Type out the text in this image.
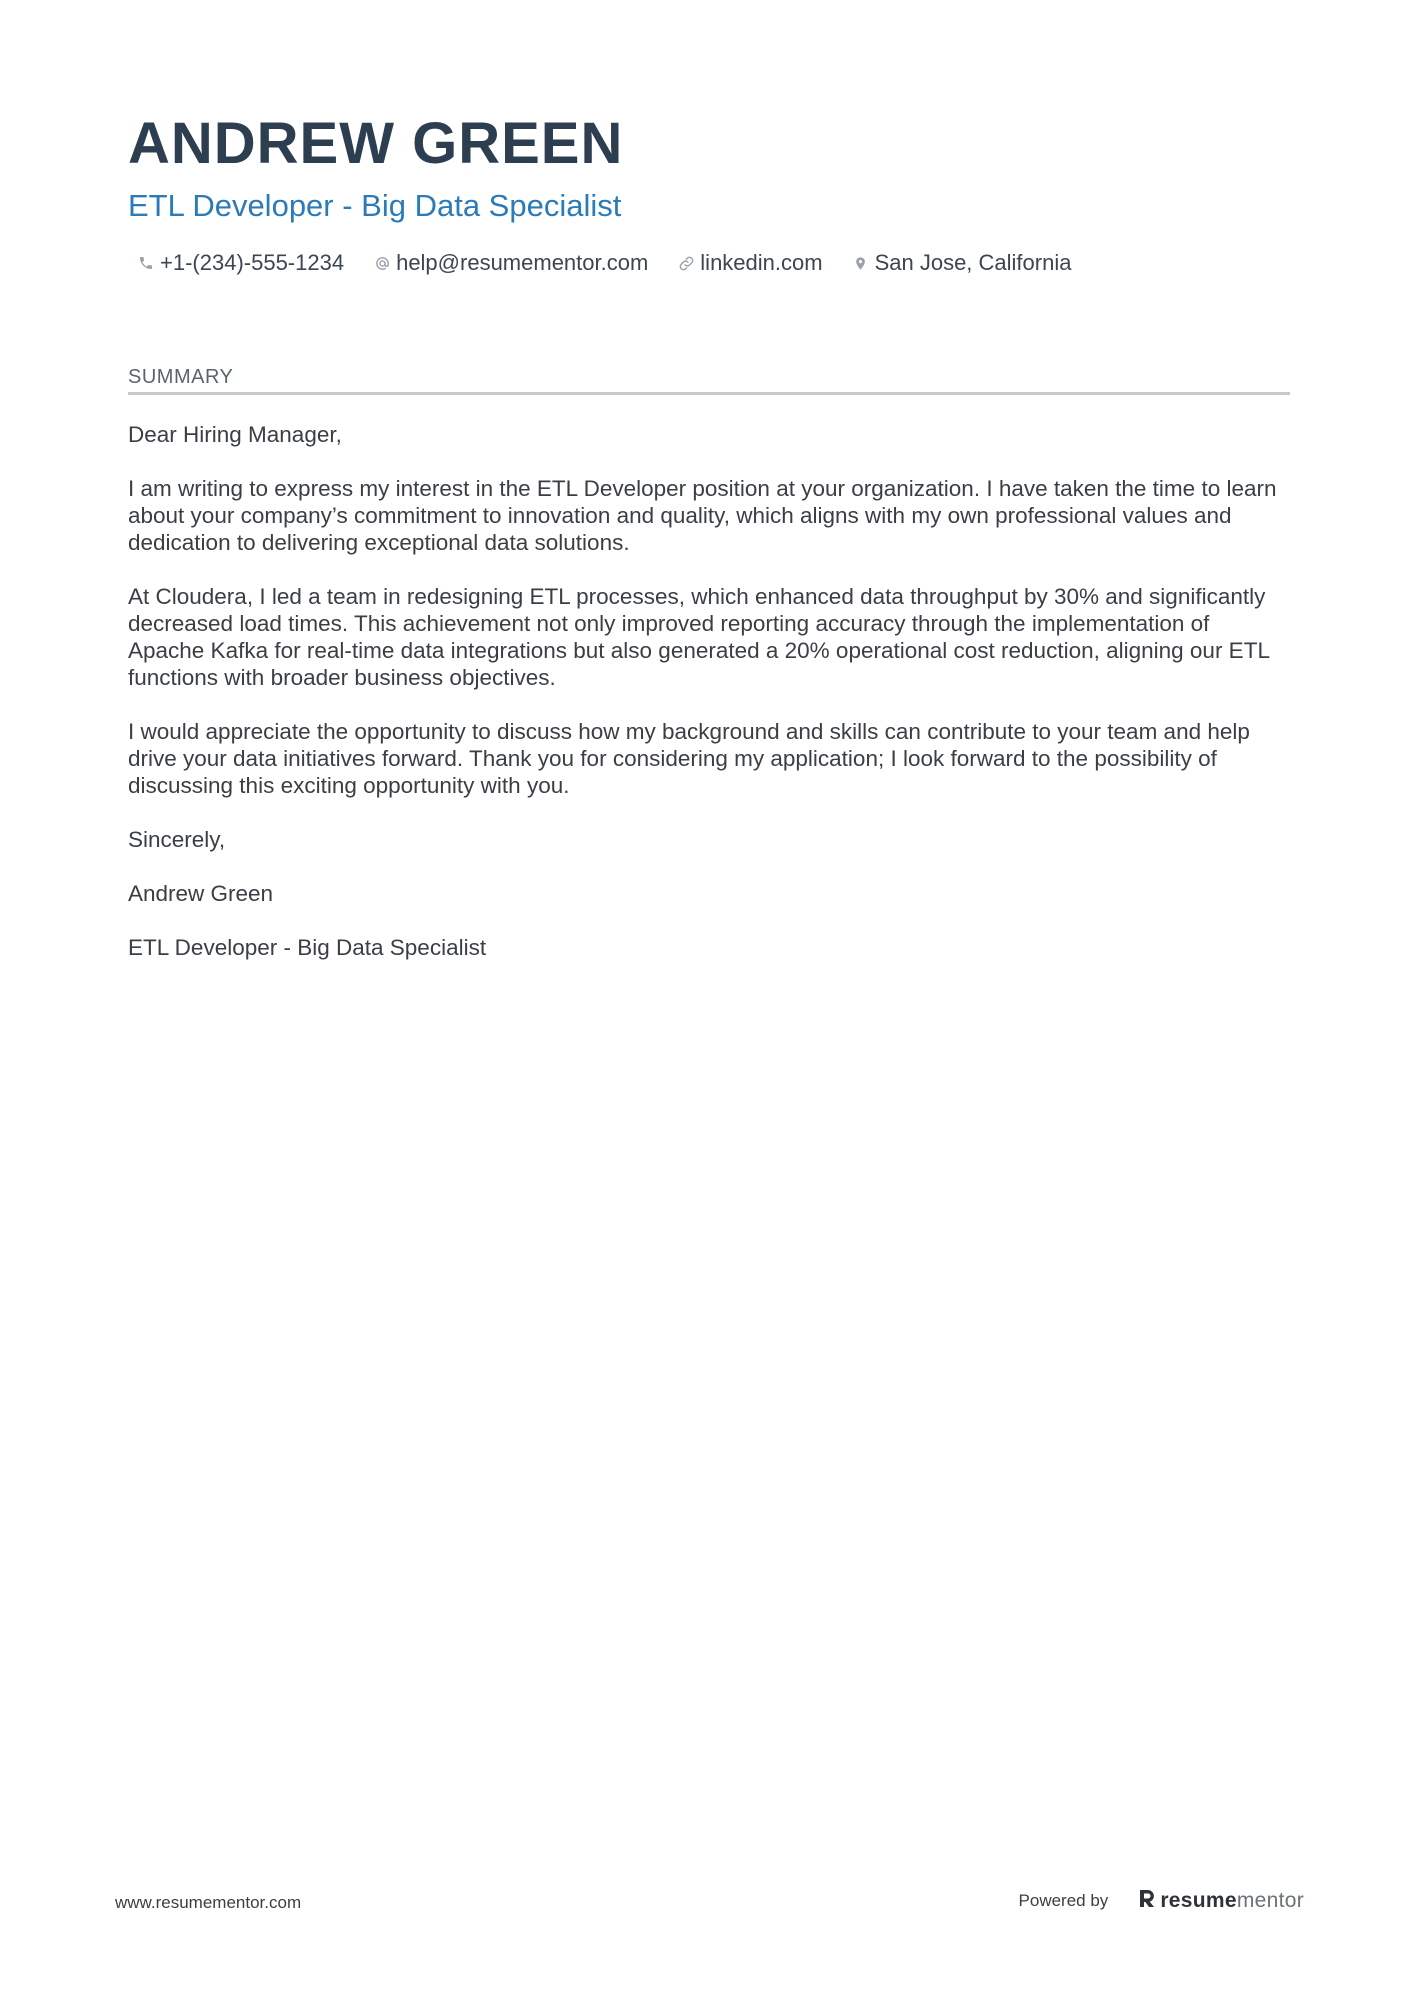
ANDREW GREEN
ETL Developer - Big Data Specialist
+1-(234)-555-1234 help@resumementor.com linkedin.com San Jose, California
SUMMARY

Dear Hiring Manager,

I am writing to express my interest in the ETL Developer position at your organization. I have taken the time to learn about your company’s commitment to innovation and quality, which aligns with my own professional values and dedication to delivering exceptional data solutions.

At Cloudera, I led a team in redesigning ETL processes, which enhanced data throughput by 30% and significantly decreased load times. This achievement not only improved reporting accuracy through the implementation of Apache Kafka for real-time data integrations but also generated a 20% operational cost reduction, aligning our ETL functions with broader business objectives.

I would appreciate the opportunity to discuss how my background and skills can contribute to your team and help drive your data initiatives forward. Thank you for considering my application; I look forward to the possibility of discussing this exciting opportunity with you.

Sincerely,

Andrew Green

ETL Developer - Big Data Specialist

www.resumementor.com	Powered by resume mentor
